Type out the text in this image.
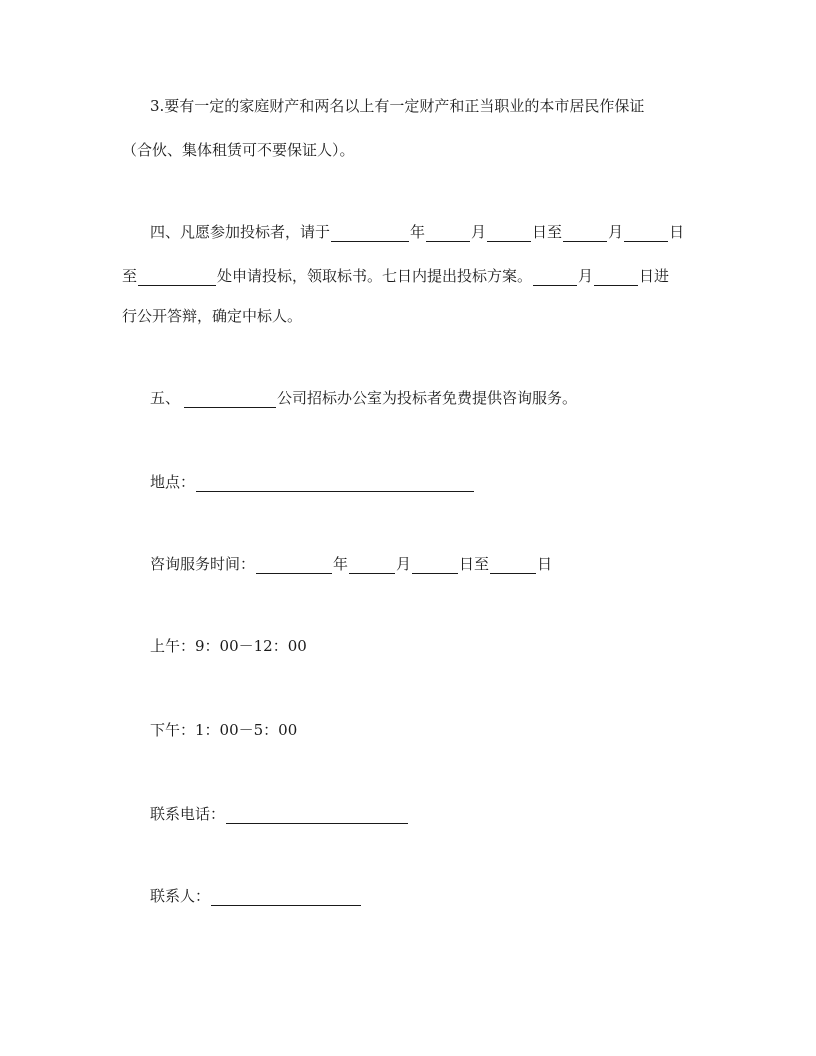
3.要有一定的家庭财产和两名以上有一定财产和正当职业的本市居民作保证
（合伙、集体租赁可不要保证人）。
四、凡愿参加投标者，请于	年	月	日至	月	日
至	处申请投标，领取标书。七日内提出投标方案。	月	日进
行公开答辩，确定中标人。
五、	公司招标办公室为投标者免费提供咨询服务。
地点：
咨询服务时间：	年	月	日至	日
上午：9：00－12：00
下午：1：00－5：00
联系电话：
联系人：
